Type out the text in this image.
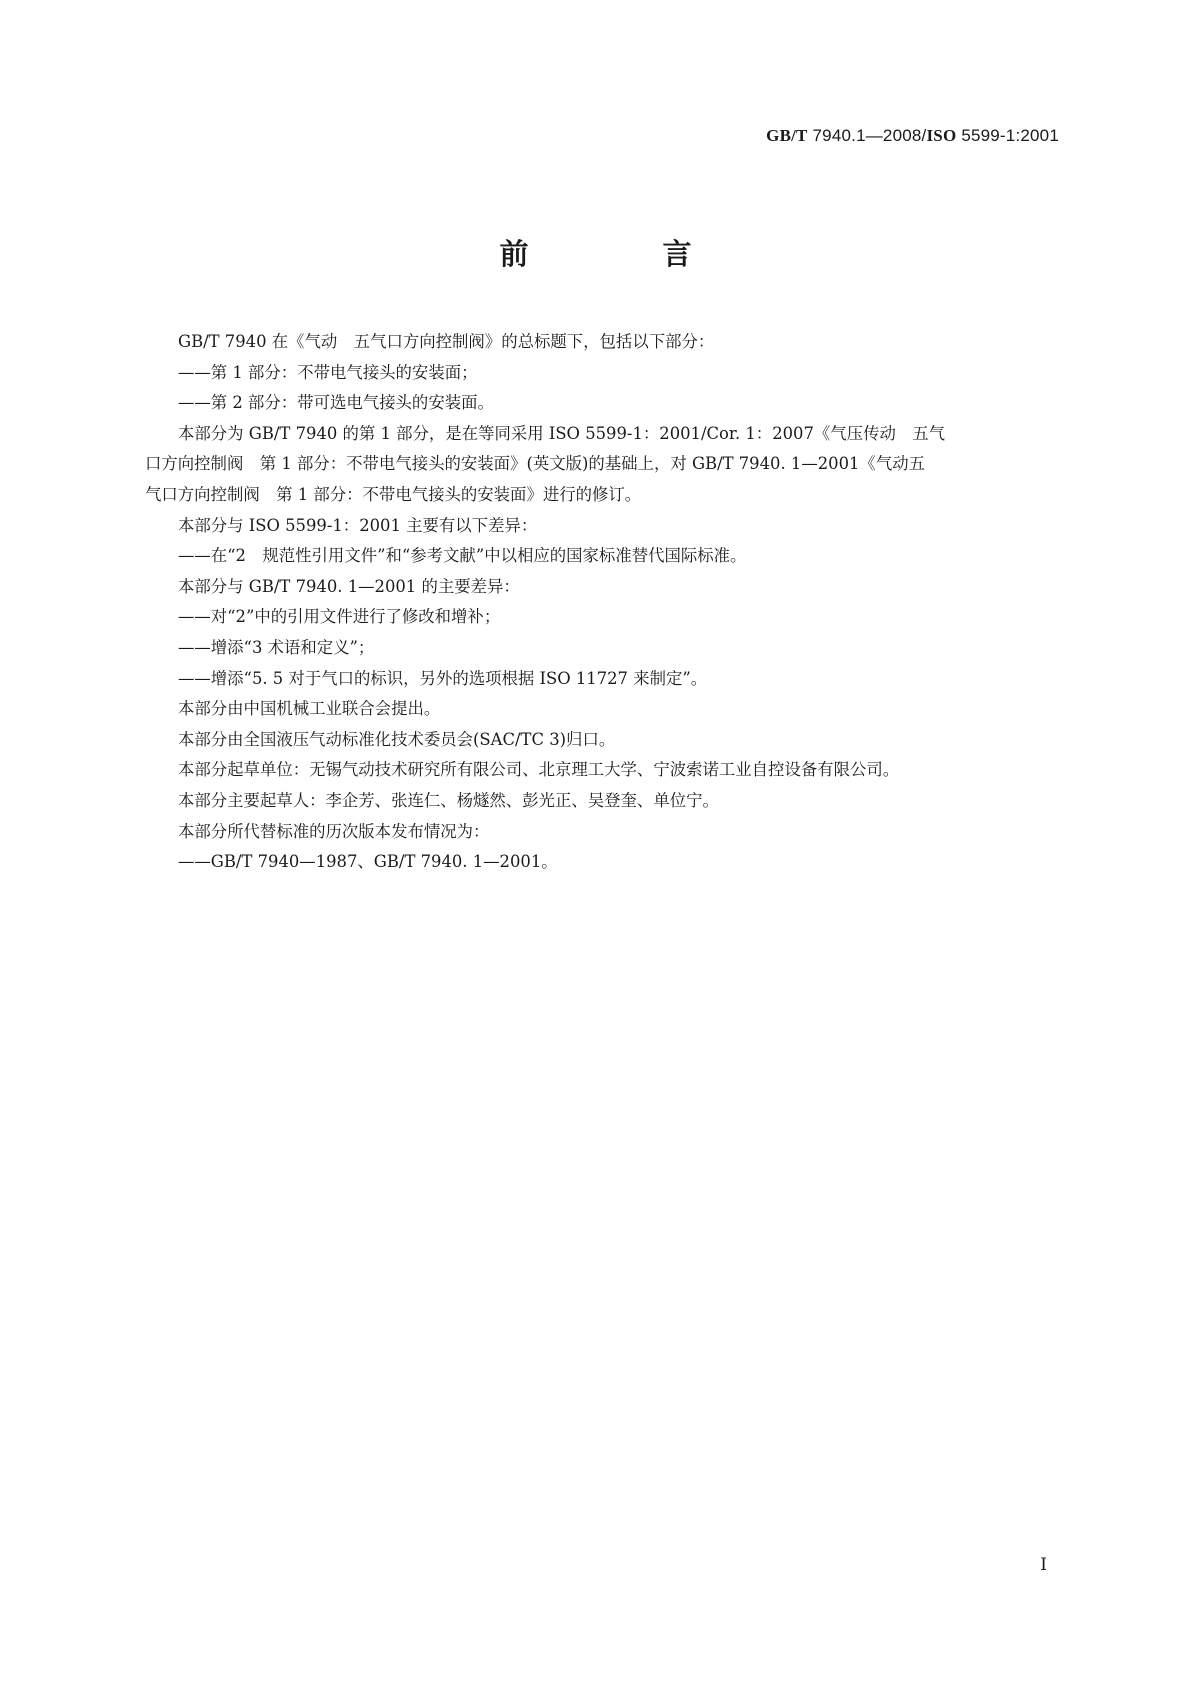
GB/T 7940.1—2008/ISO 5599-1:2001
前 言

GB/T 7940 在《气动　五气口方向控制阀》的总标题下，包括以下部分：

——第 1 部分：不带电气接头的安装面；

——第 2 部分：带可选电气接头的安装面。

本部分为 GB/T 7940 的第 1 部分，是在等同采用 ISO 5599-1：2001/Cor. 1：2007《气压传动　五气

口方向控制阀　第 1 部分：不带电气接头的安装面》(英文版)的基础上，对 GB/T 7940. 1—2001《气动五

气口方向控制阀　第 1 部分：不带电气接头的安装面》进行的修订。

本部分与 ISO 5599-1：2001 主要有以下差异：

——在“2　规范性引用文件”和“参考文献”中以相应的国家标准替代国际标准。

本部分与 GB/T 7940. 1—2001 的主要差异：

——对“2”中的引用文件进行了修改和增补；

——增添“3 术语和定义”；

——增添“5. 5 对于气口的标识，另外的选项根据 ISO 11727 来制定”。

本部分由中国机械工业联合会提出。

本部分由全国液压气动标准化技术委员会(SAC/TC 3)归口。

本部分起草单位：无锡气动技术研究所有限公司、北京理工大学、宁波索诺工业自控设备有限公司。

本部分主要起草人：李企芳、张连仁、杨燧然、彭光正、吴登奎、单位宁。

本部分所代替标准的历次版本发布情况为：

——GB/T 7940—1987、GB/T 7940. 1—2001。

I
